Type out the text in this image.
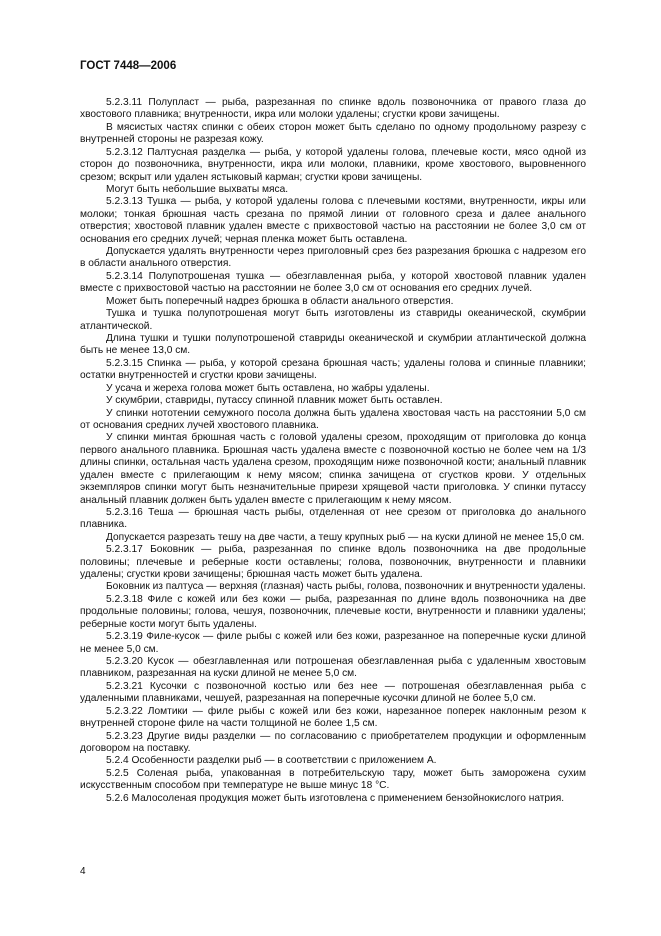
ГОСТ 7448—2006

5.2.3.11 Полупласт — рыба, разрезанная по спинке вдоль позвоночника от правого глаза до хвостового плавника; внутренности, икра или молоки удалены; сгустки крови зачищены.

В мясистых частях спинки с обеих сторон может быть сделано по одному продольному разрезу с внутренней стороны не разрезая кожу.

5.2.3.12 Палтусная разделка — рыба, у которой удалены голова, плечевые кости, мясо одной из сторон до позвоночника, внутренности, икра или молоки, плавники, кроме хвостового, выровненного срезом; вскрыт или удален ястыковый карман; сгустки крови зачищены.

Могут быть небольшие выхваты мяса.

5.2.3.13 Тушка — рыба, у которой удалены голова с плечевыми костями, внутренности, икры или молоки; тонкая брюшная часть срезана по прямой линии от головного среза и далее анального отверстия; хвостовой плавник удален вместе с прихвостовой частью на расстоянии не более 3,0 см от основания его средних лучей; черная пленка может быть оставлена.

Допускается удалять внутренности через приголовный срез без разрезания брюшка с надрезом его в области анального отверстия.

5.2.3.14 Полупотрошеная тушка — обезглавленная рыба, у которой хвостовой плавник удален вместе с прихвостовой частью на расстоянии не более 3,0 см от основания его средних лучей.

Может быть поперечный надрез брюшка в области анального отверстия.

Тушка и тушка полупотрошеная могут быть изготовлены из ставриды океанической, скумбрии атлантической.

Длина тушки и тушки полупотрошеной ставриды океанической и скумбрии атлантической должна быть не менее 13,0 см.

5.2.3.15 Спинка — рыба, у которой срезана брюшная часть; удалены голова и спинные плавники; остатки внутренностей и сгустки крови зачищены.

У усача и жереха голова может быть оставлена, но жабры удалены.

У скумбрии, ставриды, путассу спинной плавник может быть оставлен.

У спинки нототении семужного посола должна быть удалена хвостовая часть на расстоянии 5,0 см от основания средних лучей хвостового плавника.

У спинки минтая брюшная часть с головой удалены срезом, проходящим от приголовка до конца первого анального плавника. Брюшная часть удалена вместе с позвоночной костью не более чем на 1/3 длины спинки, остальная часть удалена срезом, проходящим ниже позвоночной кости; анальный плавник удален вместе с прилегающим к нему мясом; спинка зачищена от сгустков крови. У отдельных экземпляров спинки могут быть незначительные прирези хрящевой части приголовка. У спинки путассу анальный плавник должен быть удален вместе с прилегающим к нему мясом.

5.2.3.16 Теша — брюшная часть рыбы, отделенная от нее срезом от приголовка до анального плавника.

Допускается разрезать тешу на две части, а тешу крупных рыб — на куски длиной не менее 15,0 см.

5.2.3.17 Боковник — рыба, разрезанная по спинке вдоль позвоночника на две продольные половины; плечевые и реберные кости оставлены; голова, позвоночник, внутренности и плавники удалены; сгустки крови зачищены; брюшная часть может быть удалена.

Боковник из палтуса — верхняя (глазная) часть рыбы, голова, позвоночник и внутренности удалены.

5.2.3.18 Филе с кожей или без кожи — рыба, разрезанная по длине вдоль позвоночника на две продольные половины; голова, чешуя, позвоночник, плечевые кости, внутренности и плавники удалены; реберные кости могут быть удалены.

5.2.3.19 Филе-кусок — филе рыбы с кожей или без кожи, разрезанное на поперечные куски длиной не менее 5,0 см.

5.2.3.20 Кусок — обезглавленная или потрошеная обезглавленная рыба с удаленным хвостовым плавником, разрезанная на куски длиной не менее 5,0 см.

5.2.3.21 Кусочки с позвоночной костью или без нее — потрошеная обезглавленная рыба с удаленными плавниками, чешуей, разрезанная на поперечные кусочки длиной не более 5,0 см.

5.2.3.22 Ломтики — филе рыбы с кожей или без кожи, нарезанное поперек наклонным резом к внутренней стороне филе на части толщиной не более 1,5 см.

5.2.3.23 Другие виды разделки — по согласованию с приобретателем продукции и оформленным договором на поставку.

5.2.4 Особенности разделки рыб — в соответствии с приложением А.

5.2.5 Соленая рыба, упакованная в потребительскую тару, может быть заморожена сухим искусственным способом при температуре не выше минус 18 °С.

5.2.6 Малосоленая продукция может быть изготовлена с применением бензойнокислого натрия.

4
